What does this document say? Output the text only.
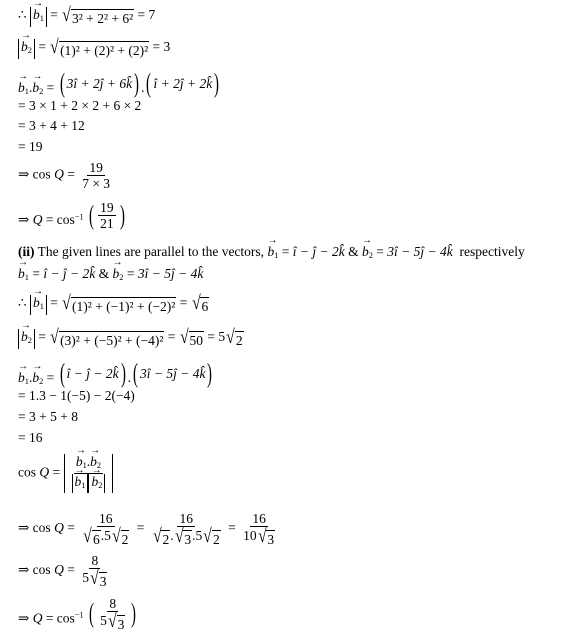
∴ → $b_1$ = √ 3² + 2² + 6² = 7
→ $b_2$ = √ (1)² + (2)² + (2)² = 3
→ $b_1.\to b_2$ = ( 3î + 2ĵ + 6k̂ ) . ( î + 2ĵ + 2k̂ )
= 3 × 1 + 2 × 2 + 6 × 2
= 3 + 4 + 12
= 19
⇒ $\cos Q = \frac{19}{7 \times 3}$
⇒ $Q = \cos^{-1}$ ( $\frac{19}{21}$ )
(ii) The given lines are parallel to the vectors, → $b_1$ = î − ĵ − 2k̂ & → $b_2$ = 3î − 5ĵ − 4k̂ respectively
→ $b_1$ = î − ĵ − 2k̂ & → $b_2$ = 3î − 5ĵ − 4k̂
∴ → $b_1$ = √ (1)² + (−1)² + (−2)² = √ 6
→ $b_2$ = √ (3)² + (−5)² + (−4)² = √ 50 = 5 √ 2
→ $b_1.\to b_2$ = ( î − ĵ − 2k̂ ) . ( 3î − 5ĵ − 4k̂ )
= 1.3 − 1(−5) − 2(−4)
= 3 + 5 + 8
= 16
cos Q = → $b_1.\to b_2$
→ $b_1 \to b_2$
⇒ $\cos Q = \frac{16}{√ 6 .5 √ 2} = \frac{16}{√ 2 . √ 3 .5 √ 2} = \frac{16}{10 √ 3}$
⇒ $\cos Q = \frac{8}{5 √ 3}$
⇒ $Q = \cos^{-1}$ ( $\frac{8}{5 √ 3}$ )
